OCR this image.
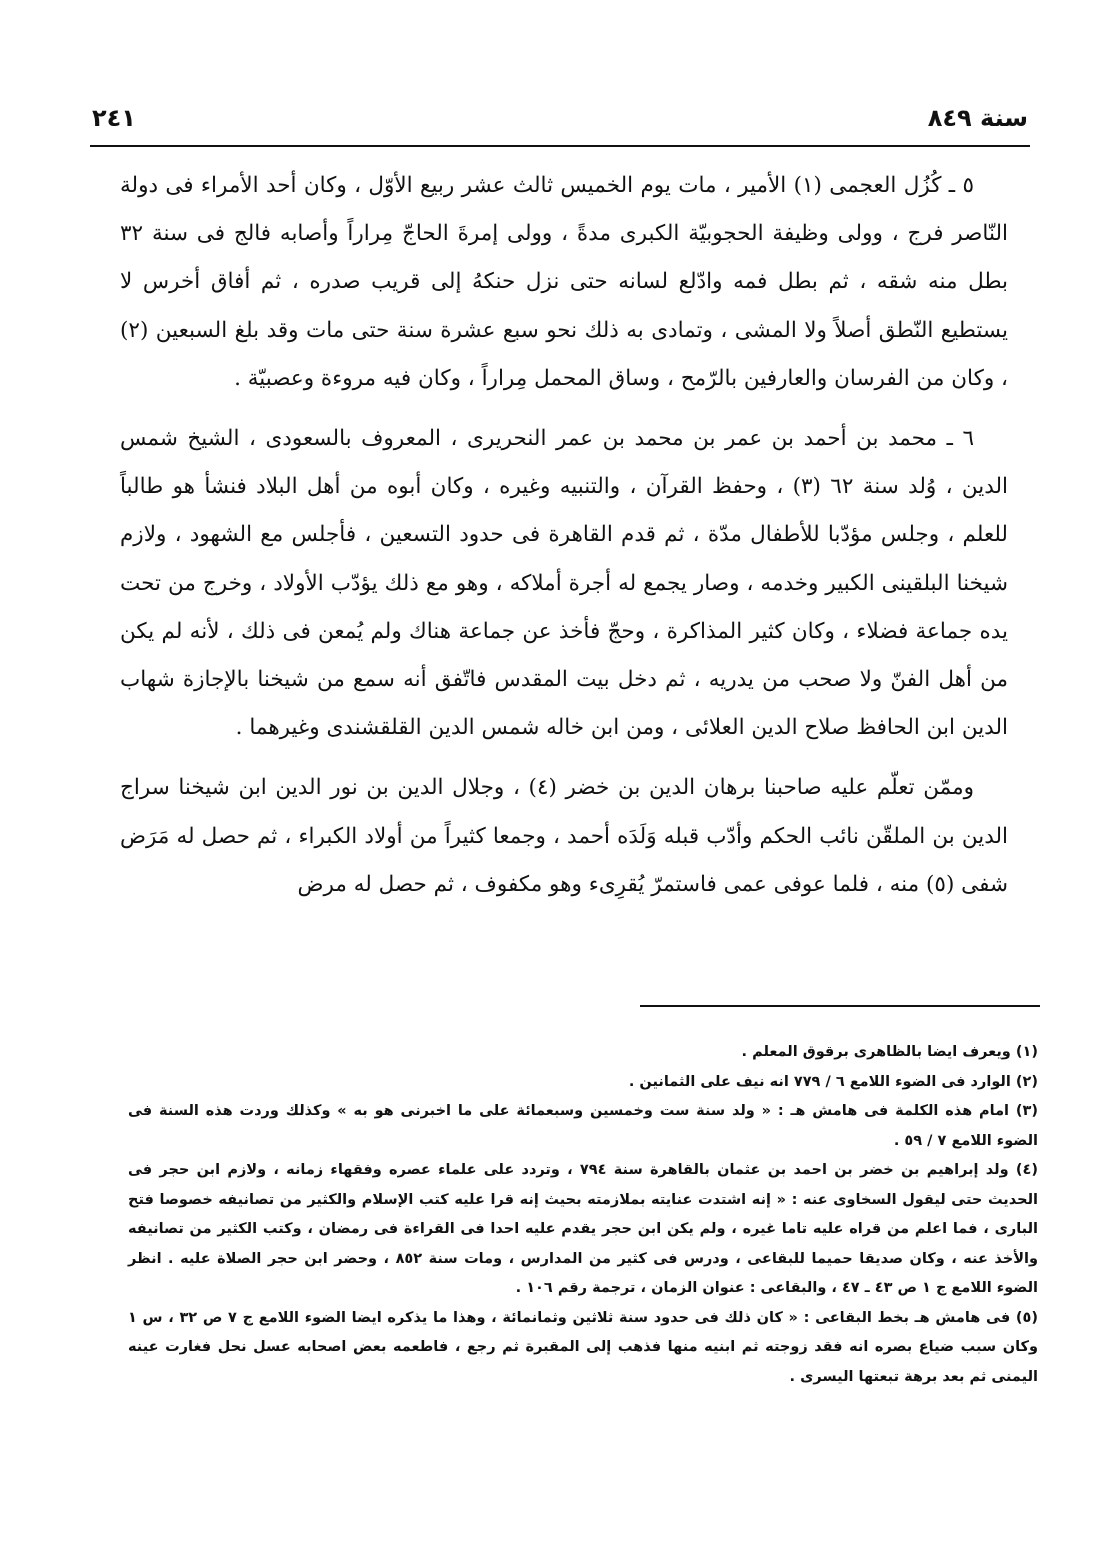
سنة ٨٤٩
٢٤١

٥ ـ كُزُل العجمى (١) الأمير ، مات يوم الخميس ثالث عشر ربيع الأوّل ، وكان أحد الأمراء فى دولة النّاصر فرج ، وولى وظيفة الحجوبيّة الكبرى مدةً ، وولى إمرةَ الحاجّ مِراراً وأصابه فالج فى سنة ٣٢ بطل منه شقه ، ثم بطل فمه وادّلع لسانه حتى نزل حنكهُ إلى قريب صدره ، ثم أفاق أخرس لا يستطيع النّطق أصلاً ولا المشى ، وتمادى به ذلك نحو سبع عشرة سنة حتى مات وقد بلغ السبعين (٢) ، وكان من الفرسان والعارفين بالرّمح ، وساق المحمل مِراراً ، وكان فيه مروءة وعصبيّة .

٦ ـ محمد بن أحمد بن عمر بن محمد بن عمر النحريرى ، المعروف بالسعودى ، الشيخ شمس الدين ، وُلد سنة ٦٢ (٣) ، وحفظ القرآن ، والتنبيه وغيره ، وكان أبوه من أهل البلاد فنشأ هو طالباً للعلم ، وجلس مؤدّبا للأطفال مدّة ، ثم قدم القاهرة فى حدود التسعين ، فأجلس مع الشهود ، ولازم شيخنا البلقينى الكبير وخدمه ، وصار يجمع له أجرة أملاكه ، وهو مع ذلك يؤدّب الأولاد ، وخرج من تحت يده جماعة فضلاء ، وكان كثير المذاكرة ، وحجّ فأخذ عن جماعة هناك ولم يُمعن فى ذلك ، لأنه لم يكن من أهل الفنّ ولا صحب من يدريه ، ثم دخل بيت المقدس فاتّفق أنه سمع من شيخنا بالإجازة شهاب الدين ابن الحافظ صلاح الدين العلائى ، ومن ابن خاله شمس الدين القلقشندى وغيرهما .

وممّن تعلّم عليه صاحبنا برهان الدين بن خضر (٤) ، وجلال الدين بن نور الدين ابن شيخنا سراج الدين بن الملقّن نائب الحكم وأدّب قبله وَلَدَه أحمد ، وجمعا كثيراً من أولاد الكبراء ، ثم حصل له مَرَض شفى (٥) منه ، فلما عوفى عمى فاستمرّ يُقرِىء وهو مكفوف ، ثم حصل له مرض

(١) ويعرف ايضا بالظاهرى برقوق المعلم .

(٢) الوارد فى الضوء اللامع ٦ / ٧٧٩ انه نيف على الثمانين .

(٣) امام هذه الكلمة فى هامش هـ : « ولد سنة ست وخمسين وسبعمائة على ما اخبرنى هو به » وكذلك وردت هذه السنة فى الضوء اللامع ٧ / ٥٩ .

(٤) ولد إبراهيم بن خضر بن احمد بن عثمان بالقاهرة سنة ٧٩٤ ، وتردد على علماء عصره وفقهاء زمانه ، ولازم ابن حجر فى الحديث حتى ليقول السخاوى عنه : « إنه اشتدت عنايته بملازمته بحيث إنه قرا عليه كتب الإسلام والكثير من تصانيفه خصوصا فتح البارى ، فما اعلم من قراه عليه تاما غيره ، ولم يكن ابن حجر يقدم عليه احدا فى القراءة فى رمضان ، وكتب الكثير من تصانيفه والأخذ عنه ، وكان صديقا حميما للبقاعى ، ودرس فى كثير من المدارس ، ومات سنة ٨٥٢ ، وحضر ابن حجر الصلاة عليه . انظر الضوء اللامع ج ١ ص ٤٣ ـ ٤٧ ، والبقاعى : عنوان الزمان ، ترجمة رقم ١٠٦ .

(٥) فى هامش هـ بخط البقاعى : « كان ذلك فى حدود سنة ثلاثين وثمانمائة ، وهذا ما يذكره ايضا الضوء اللامع ج ٧ ص ٣٢ ، س ١ وكان سبب ضياع بصره انه فقد زوجته ثم ابنيه منها فذهب إلى المقبرة ثم رجع ، فاطعمه بعض اصحابه عسل نحل فغارت عينه اليمنى ثم بعد برهة تبعتها اليسرى .
